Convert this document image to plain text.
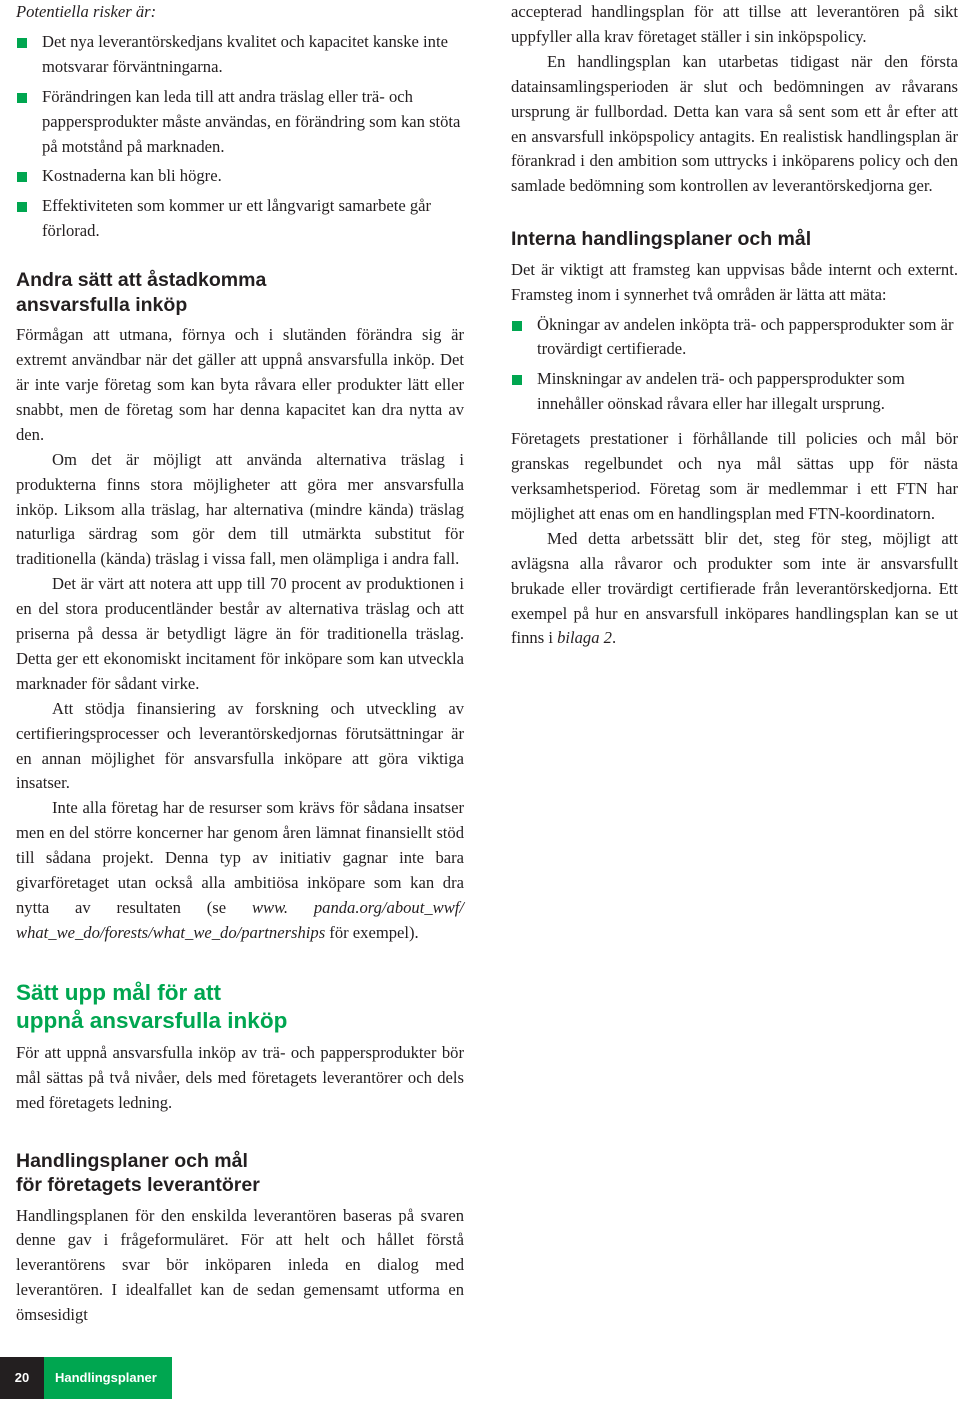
Potentiella risker är:

Det nya leverantörskedjans kvalitet och kapacitet kanske inte motsvarar förväntningarna.
Förändringen kan leda till att andra träslag eller trä- och pappersprodukter måste användas, en förändring som kan stöta på motstånd på marknaden.
Kostnaderna kan bli högre.
Effektiviteten som kommer ur ett långvarigt samarbete går förlorad.
Andra sätt att åstadkomma
ansvarsfulla inköp

Förmågan att utmana, förnya och i slutänden förändra sig är extremt användbar när det gäller att uppnå ansvarsfulla inköp. Det är inte varje företag som kan byta råvara eller produkter lätt eller snabbt, men de företag som har denna kapacitet kan dra nytta av den.

Om det är möjligt att använda alternativa träslag i produkterna finns stora möjligheter att göra mer ansvarsfulla inköp. Liksom alla träslag, har alternativa (mindre kända) träslag naturliga särdrag som gör dem till utmärkta substitut för traditionella (kända) träslag i vissa fall, men olämpliga i andra fall.

Det är värt att notera att upp till 70 procent av produktionen i en del stora producentländer består av alternativa träslag och att priserna på dessa är betydligt lägre än för traditionella träslag. Detta ger ett ekonomiskt incitament för inköpare som kan utveckla marknader för sådant virke.

Att stödja finansiering av forskning och utveckling av certifieringsprocesser och leverantörskedjornas förutsättningar är en annan möjlighet för ansvarsfulla inköpare att göra viktiga insatser.

Inte alla företag har de resurser som krävs för sådana insatser men en del större koncerner har genom åren lämnat finansiellt stöd till sådana projekt. Denna typ av initiativ gagnar inte bara givarföretaget utan också alla ambitiösa inköpare som kan dra nytta av resultaten (se www. panda.org/about_wwf/ what_we_do/forests/what_we_do/partnerships för exempel).

Sätt upp mål för att
uppnå ansvarsfulla inköp

För att uppnå ansvarsfulla inköp av trä- och pappersprodukter bör mål sättas på två nivåer, dels med företagets leverantörer och dels med företagets ledning.

Handlingsplaner och mål
för företagets leverantörer

Handlingsplanen för den enskilda leverantören baseras på svaren denne gav i frågeformuläret. För att helt och hållet förstå leverantörens svar bör inköparen inleda en dialog med leverantören. I idealfallet kan de sedan gemensamt utforma en ömsesidigt

accepterad handlingsplan för att tillse att leverantören på sikt uppfyller alla krav företaget ställer i sin inköpspolicy.

En handlingsplan kan utarbetas tidigast när den första datainsamlingsperioden är slut och bedömningen av råvarans ursprung är fullbordad. Detta kan vara så sent som ett år efter att en ansvarsfull inköpspolicy antagits. En realistisk handlingsplan är förankrad i den ambition som uttrycks i inköparens policy och den samlade bedömning som kontrollen av leverantörskedjorna ger.

Interna handlingsplaner och mål

Det är viktigt att framsteg kan uppvisas både internt och externt. Framsteg inom i synnerhet två områden är lätta att mäta:

Ökningar av andelen inköpta trä- och pappersprodukter som är trovärdigt certifierade.
Minskningar av andelen trä- och pappersprodukter som innehåller oönskad råvara eller har illegalt ursprung.

Företagets prestationer i förhållande till policies och mål bör granskas regelbundet och nya mål sättas upp för nästa verksamhetsperiod. Företag som är medlemmar i ett FTN har möjlighet att enas om en handlingsplan med FTN-koordinatorn.

Med detta arbetssätt blir det, steg för steg, möjligt att avlägsna alla råvaror och produkter som inte är ansvarsfullt brukade eller trovärdigt certifierade från leverantörskedjorna. Ett exempel på hur en ansvarsfull inköpares handlingsplan kan se ut finns i bilaga 2.

20	Handlingsplaner
